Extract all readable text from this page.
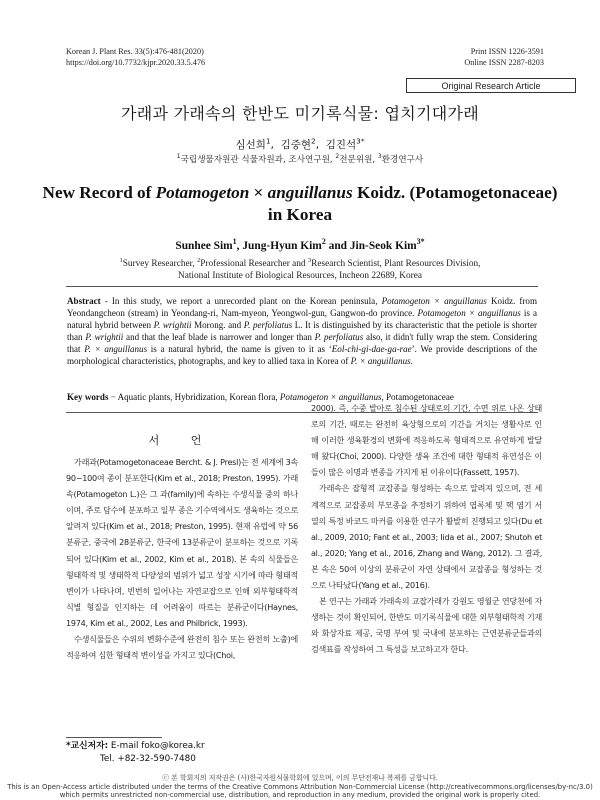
Korean J. Plant Res. 33(5):476-481(2020)
https://doi.org/10.7732/kjpr.2020.33.5.476
Print ISSN 1226-3591
Online ISSN 2287-8203
Original Research Article
가래과 가래속의 한반도 미기록식물: 엽치기대가래
심선희$^1$,  김중현$^2$,  김진석$^{3*}$
$^1$국립생물자원관 식물자원과, 조사연구원, $^2$전문위원, $^3$환경연구사
New Record of Potamogeton × anguillanus Koidz. (Potamogetonaceae)
in Korea
Sunhee Sim$^1$, Jung-Hyun Kim$^2$ and Jin-Seok Kim$^{3*}$
$^1$Survey Researcher, $^2$Professional Researcher and $^3$Research Scientist, Plant Resources Division,
National Institute of Biological Resources, Incheon 22689, Korea
Abstract - In this study, we report a unrecorded plant on the Korean peninsula, Potamogeton × anguillanus Koidz. from Yeondangcheon (stream) in Yeondang-ri, Nam-myeon, Yeongwol-gun, Gangwon-do province. Potamogeton × anguillanus is a natural hybrid between P. wrightii Morong. and P. perfoliatus L. It is distinguished by its characteristic that the petiole is shorter than P. wrightii and that the leaf blade is narrower and longer than P. perfoliatus also, it didn't fully wrap the stem. Considering that P. × anguillanus is a natural hybrid, the name is given to it as ‘Eol-chi-gi-dae-ga-rae’. We provide descriptions of the morphological characteristics, photographs, and key to allied taxa in Korea of P. × anguillanus.
Key words − Aquatic plants, Hybridization, Korean flora, Potamogeton × anguillanus, Potamogetonaceae
서 언

가래과(Potamogetonaceae Bercht. & J. Presl)는 전 세계에 3속 90−100여 종이 분포한다(Kim et al., 2018; Preston, 1995). 가래속(Potamogeton L.)은 그 과(family)에 속하는 수생식물 중의 하나이며, 주로 담수에 분포하고 일부 종은 기수역에서도 생육하는 것으로 알려져 있다(Kim et al., 2018; Preston, 1995). 현재 유럽에 약 56분류군, 중국에 28분류군, 한국에 13분류군이 분포하는 것으로 기록되어 있다(Kim et al., 2002, Kim et al., 2018). 본 속의 식물들은 형태학적 및 생태학적 다양성의 범위가 넓고 성장 시기에 따라 형태적 변이가 나타나며, 빈번히 일어나는 자연교잡으로 인해 외부형태학적 식별 형질을 인지하는 데 어려움이 따르는 분류군이다(Haynes, 1974, Kim et al., 2002, Les and Philbrick, 1993).

수생식물들은 수위의 변화수준에 완전히 침수 또는 완전히 노출)에 적응하여 심한 형태적 변이성을 가지고 있다(Choi,

2000). 즉, 수중 발아로 침수된 상태로의 기간, 수면 위로 나온 상태로의 기간, 때로는 완전히 육상형으로의 기간을 거치는 생활사로 인해 이러한 생육환경의 변화에 적응하도록 형태적으로 유연하게 발달해 왔다(Choi, 2000). 다양한 생육 조건에 대한 형태적 유연성은 이들이 많은 이명과 변종을 가지게 된 이유이다(Fassett, 1957).

가래속은 잡형적 교잡종을 형성하는 속으로 알려져 있으며, 전 세계적으로 교잡종의 부모종을 추정하기 위하여 엽록체 및 핵 염기 서열의 특정 바코드 마커를 이용한 연구가 활발히 진행되고 있다(Du et al., 2009, 2010; Fant et al., 2003; Iida et al., 2007; Shutoh et al., 2020; Yang et al., 2016, Zhang and Wang, 2012). 그 결과, 본 속은 50여 이상의 분류군이 자연 상태에서 교잡종을 형성하는 것으로 나타났다(Yang et al., 2016).

본 연구는 가래과 가래속의 교잡가래가 강원도 영월군 연당천에 자생하는 것이 확인되어, 한반도 미기록식물에 대한 외부형태학적 기재와 화상자료 제공, 국명 부여 및 국내에 분포하는 근연분류군들과의 검색표를 작성하여 그 특성을 보고하고자 한다.

*교신저자: E-mail foko@korea.kr
Tel. +82-32-590-7480
ⓒ 본 학회지의 저작권은 (사)한국자원식물학회에 있으며, 이의 무단전재나 복제를 금합니다.
This is an Open-Access article distributed under the terms of the Creative Commons Attribution Non-Commercial License (http://creativecommons.org/licenses/by-nc/3.0)
which permits unrestricted non-commercial use, distribution, and reproduction in any medium, provided the original work is properly cited.
